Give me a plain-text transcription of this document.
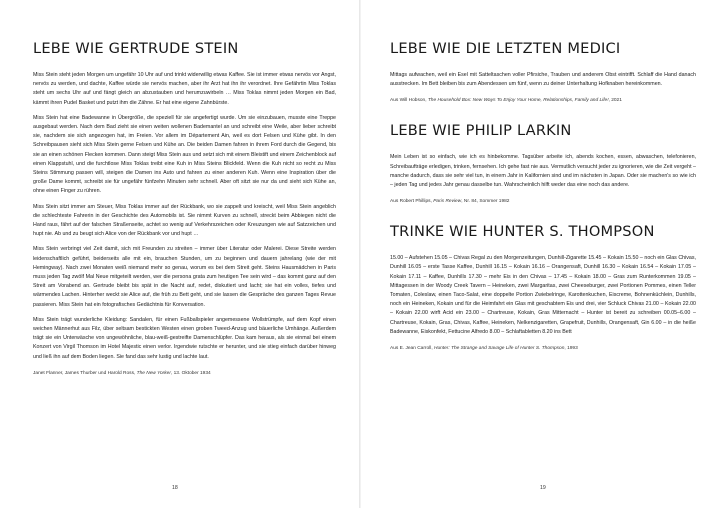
LEBE WIE GERTRUDE STEIN

Miss Stein steht jeden Morgen um ungefähr 10 Uhr auf und trinkt widerwillig etwas Kaffee. Sie ist immer etwas nervös vor Angst, nervös zu werden, und dachte, Kaffee würde sie nervös machen, aber ihr Arzt hat ihn ihr verordnet. Ihre Gefährtin Miss Toklas steht um sechs Uhr auf und fängt gleich an abzustauben und herumzuwirbeln … Miss Toklas nimmt jeden Morgen ein Bad, kämmt ihren Pudel Basket und putzt ihm die Zähne. Er hat eine eigene Zahnbürste.

Miss Stein hat eine Badewanne in Übergröße, die speziell für sie angefertigt wurde. Um sie einzubauen, musste eine Treppe ausgebaut werden. Nach dem Bad zieht sie einen weiten wollenen Bademantel an und schreibt eine Weile, aber lieber schreibt sie, nachdem sie sich angezogen hat, im Freien. Vor allem im Département Ain, weil es dort Felsen und Kühe gibt. In den Schreibpausen sieht sich Miss Stein gerne Felsen und Kühe an. Die beiden Damen fahren in ihrem Ford durch die Gegend, bis sie an einen schönen Flecken kommen. Dann steigt Miss Stein aus und setzt sich mit einem Bleistift und einem Zeichenblock auf einen Klappstuhl, und die furchtlose Miss Toklas treibt eine Kuh in Miss Steins Blickfeld. Wenn die Kuh nicht so recht zu Miss Steins Stimmung passen will, steigen die Damen ins Auto und fahren zu einer anderen Kuh. Wenn eine Inspiration über die große Dame kommt, schreibt sie für ungefähr fünfzehn Minuten sehr schnell. Aber oft sitzt sie nur da und sieht sich Kühe an, ohne einen Finger zu rühren.

Miss Stein sitzt immer am Steuer, Miss Toklas immer auf der Rückbank, wo sie zappelt und kreischt, weil Miss Stein angeblich die schlechteste Fahrerin in der Geschichte des Automobils ist. Sie nimmt Kurven zu schnell, streckt beim Abbiegen nicht die Hand raus, fährt auf der falschen Straßenseite, achtet so wenig auf Verkehrszeichen oder Kreuzungen wie auf Satzzeichen und hupt nie. Ab und zu beugt sich Alice von der Rückbank vor und hupt …

Miss Stein verbringt viel Zeit damit, sich mit Freunden zu streiten – immer über Literatur oder Malerei. Diese Streite werden leidenschaftlich geführt, beiderseits alle mit ein, brauchen Stunden, um zu beginnen und dauern jahrelang (wie der mit Hemingway). Nach zwei Monaten weiß niemand mehr so genau, worum es bei dem Streit geht. Steins Hausmädchen in Paris muss jeden Tag zwölf Mal Neue mitgeteilt werden, wer die persona grata zum heutigen Tee sein wird – das kommt ganz auf den Streit am Vorabend an. Gertrude bleibt bis spät in die Nacht auf, redet, diskutiert und lacht; sie hat ein volles, tiefes und wärmendes Lachen. Hinterher weckt sie Alice auf, die früh zu Bett geht, und sie lassen die Gespräche des ganzen Tages Revue passieren. Miss Stein hat ein fotografisches Gedächtnis für Konversation.

Miss Stein trägt wunderliche Kleidung: Sandalen, für einen Fußballspieler angemessene Wollstrümpfe, auf dem Kopf einen weichen Männerhut aus Filz, über seltsam bestickten Westen einen groben Tweed-Anzug und bäuerliche Umhänge. Außerdem trägt sie ein Unterwäsche von ungewöhnliche, blau-weiß-gestreifte Damenschlüpfer. Das kam heraus, als sie einmal bei einem Konzert von Virgil Thomson im Hotel Majestic einen verlor. Irgendwie rutschte er herunter, und sie stieg einfach darüber hinweg und ließ ihn auf dem Boden liegen. Sie fand das sehr lustig und lachte laut.

Janet Flanner, James Thurber und Harold Ross, The New Yorker, 13. Oktober 1934

18
LEBE WIE DIE LETZTEN MEDICI

Mittags aufwachen, weil ein Esel mit Satteltaschen voller Pfirsiche, Trauben und anderem Obst eintrifft. Schlaff die Hand danach ausstrecken. Im Bett bleiben bis zum Abendessen um fünf, wenn zu deiner Unterhaltung Hofknaben hereinkommen.

Aus Will Hobson, The Household Box: New Ways To Enjoy Your Home, Relationships, Family and Life!, 2021

LEBE WIE PHILIP LARKIN

Mein Leben ist so einfach, wie ich es hinbekomme. Tagsüber arbeite ich, abends kochen, essen, abwaschen, telefonieren, Schreibaufträge erledigen, trinken, fernsehen. Ich gehe fast nie aus. Vermutlich versucht jeder zu ignorieren, wie die Zeit vergeht – manche dadurch, dass sie sehr viel tun, in einem Jahr in Kalifornien sind und im nächsten in Japan. Oder sie machen's so wie ich – jeden Tag und jedes Jahr genau dasselbe tun. Wahrscheinlich hilft weder das eine noch das andere.

Aus Robert Phillips, Paris Review, Nr. 84, Sommer 1982

TRINKE WIE HUNTER S. THOMPSON

15.00 – Aufstehen 15.05 – Chivas Regal zu den Morgenzeitungen, Dunhill-Zigarette 15.45 – Kokain 15.50 – noch ein Glas Chivas, Dunhill 16.05 – erste Tasse Kaffee, Dunhill 16.15 – Kokain 16.16 – Orangensaft, Dunhill 16.30 – Kokain 16.54 – Kokain 17.05 – Kokain 17.11 – Kaffee, Dunhills 17.30 – mehr Eis in den Chivas – 17.45 – Kokain 18.00 – Gras zum Runterkommen 19.05 – Mittagessen in der Woody Creek Tavern – Heineken, zwei Margaritas, zwei Cheeseburger, zwei Portionen Pommes, einen Teller Tomaten, Coleslaw, einen Taco-Salat, eine doppelte Portion Zwiebelringe, Karottenkuchen, Eiscreme, Bohnenküchlein, Dunhills, noch ein Heineken, Kokain und für die Heimfahrt ein Glas mit geschabtem Eis und drei, vier Schluck Chivas 21.00 – Kokain 22.00 – Kokain 22.00 wirft Acid ein 23.00 – Chartreuse, Kokain, Gras Mitternacht – Hunter ist bereit zu schreiben 00.05–6.00 – Chartreuse, Kokain, Gras, Chivas, Kaffee, Heineken, Nelkenzigaretten, Grapefruit, Dunhills, Orangensaft, Gin 6.00 – in die heiße Badewanne, Eiskonfekt, Fettucine Alfredo 8.00 – Schlaftabletten 8.20 ins Bett

Aus E. Jean Carroll, Hunter: The Strange and Savage Life of Hunter S. Thompson, 1993

19
